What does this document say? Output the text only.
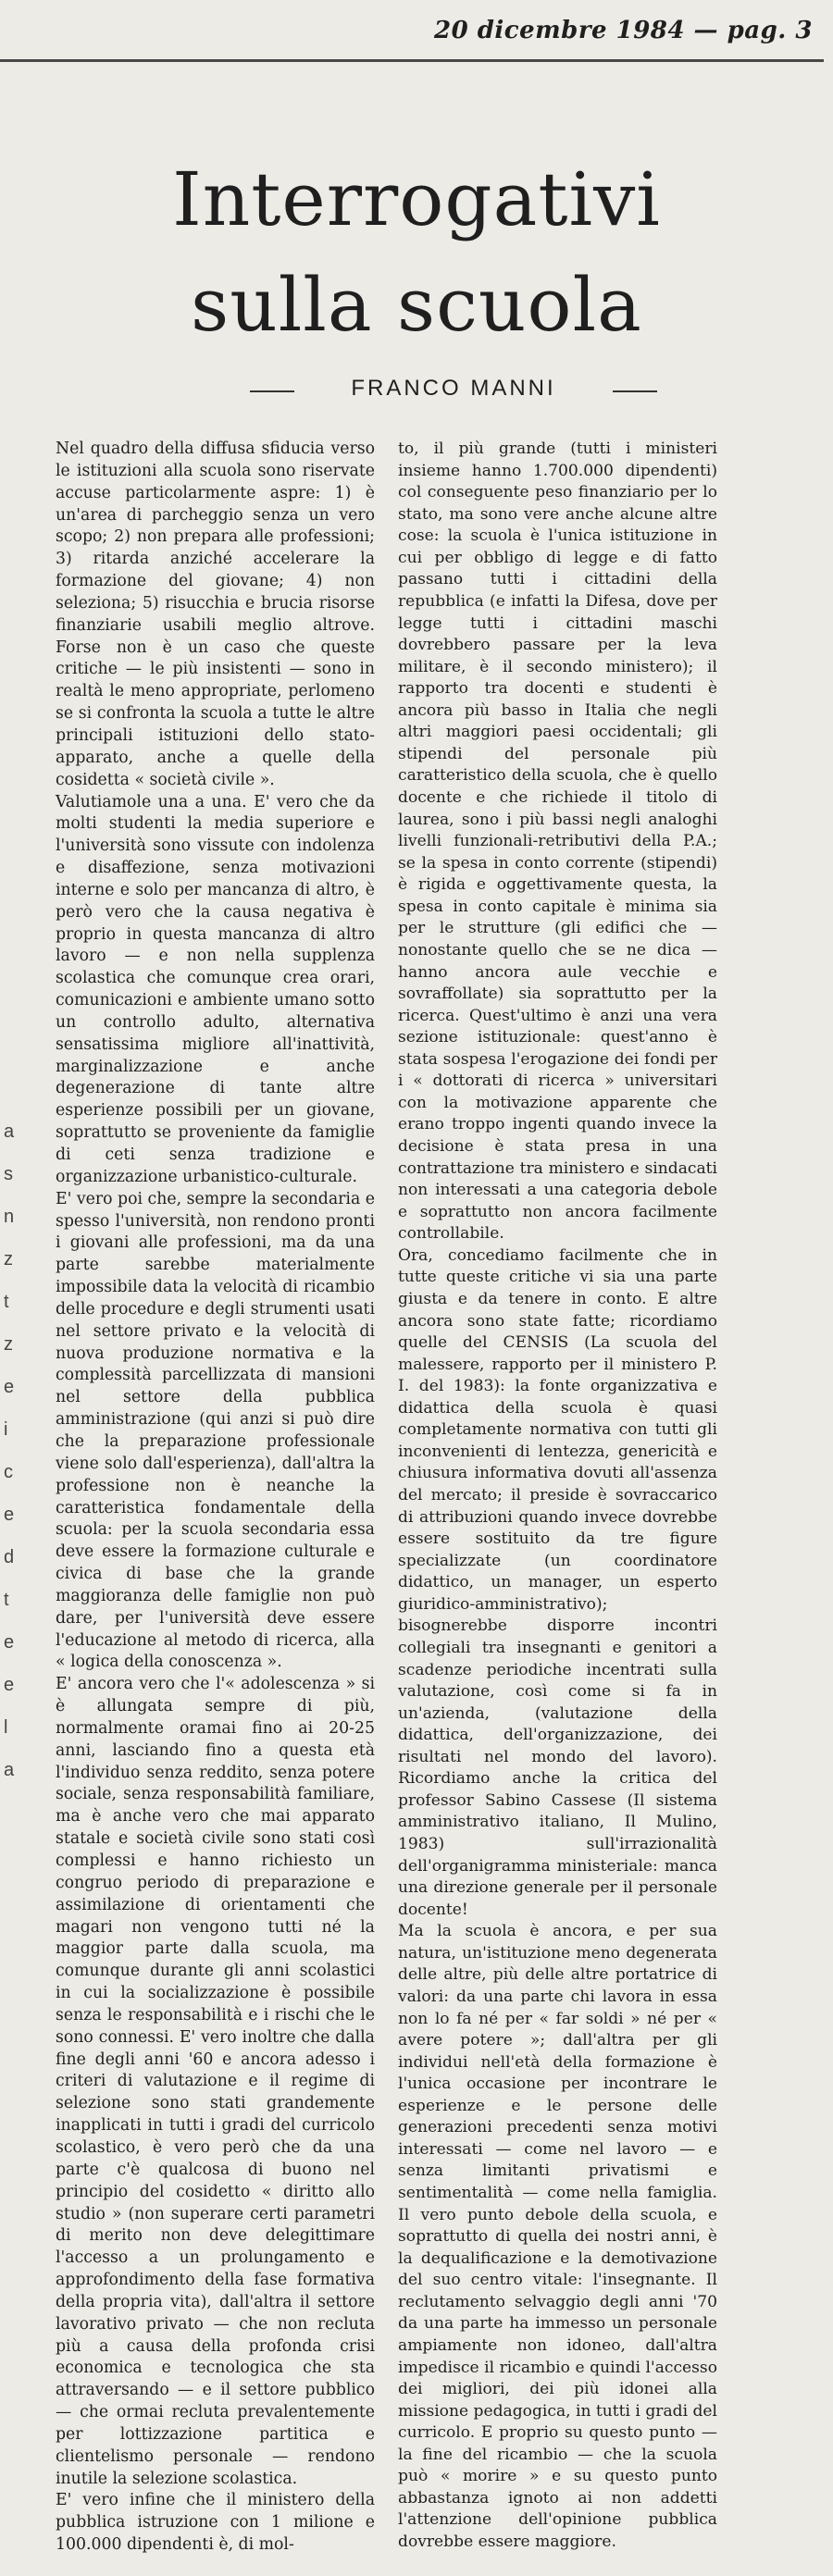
20 dicembre 1984 — pag. 3
Interrogativi
sulla scuola
FRANCO MANNI
a
s
n
z
t
z
e
i
c
e
d
t
e
e
l
a
Nel quadro della diffusa sfiducia verso le istituzioni alla scuola sono riservate accuse particolarmente aspre: 1) è un'area di parcheggio senza un vero scopo; 2) non prepara alle professioni; 3) ritarda anziché accelerare la formazione del giovane; 4) non seleziona; 5) risucchia e brucia risorse finanziarie usabili meglio altrove. Forse non è un caso che queste critiche — le più insistenti — sono in realtà le meno appropriate, perlomeno se si confronta la scuola a tutte le altre principali istituzioni dello stato-apparato, anche a quelle della cosidetta « società civile ».
Valutiamole una a una. E' vero che da molti studenti la media superiore e l'università sono vissute con indolenza e disaffezione, senza motivazioni interne e solo per mancanza di altro, è però vero che la causa negativa è proprio in questa mancanza di altro lavoro — e non nella supplenza scolastica che comunque crea orari, comunicazioni e ambiente umano sotto un controllo adulto, alternativa sensatissima migliore all'inattività, marginalizzazione e anche degenerazione di tante altre esperienze possibili per un giovane, soprattutto se proveniente da famiglie di ceti senza tradizione e organizzazione urbanistico-culturale.
E' vero poi che, sempre la secondaria e spesso l'università, non rendono pronti i giovani alle professioni, ma da una parte sarebbe materialmente impossibile data la velocità di ricambio delle procedure e degli strumenti usati nel settore privato e la velocità di nuova produzione normativa e la complessità parcellizzata di mansioni nel settore della pubblica amministrazione (qui anzi si può dire che la preparazione professionale viene solo dall'esperienza), dall'altra la professione non è neanche la caratteristica fondamentale della scuola: per la scuola secondaria essa deve essere la formazione culturale e civica di base che la grande maggioranza delle famiglie non può dare, per l'università deve essere l'educazione al metodo di ricerca, alla « logica della conoscenza ».
E' ancora vero che l'« adolescenza » si è allungata sempre di più, normalmente oramai fino ai 20-25 anni, lasciando fino a questa età l'individuo senza reddito, senza potere sociale, senza responsabilità familiare, ma è anche vero che mai apparato statale e società civile sono stati così complessi e hanno richiesto un congruo periodo di preparazione e assimilazione di orientamenti che magari non vengono tutti né la maggior parte dalla scuola, ma comunque durante gli anni scolastici in cui la socializzazione è possibile senza le responsabilità e i rischi che le sono connessi. E' vero inoltre che dalla fine degli anni '60 e ancora adesso i criteri di valutazione e il regime di selezione sono stati grandemente inapplicati in tutti i gradi del curricolo scolastico, è vero però che da una parte c'è qualcosa di buono nel principio del cosidetto « diritto allo studio » (non superare certi parametri di merito non deve delegittimare l'accesso a un prolungamento e approfondimento della fase formativa della propria vita), dall'altra il settore lavorativo privato — che non recluta più a causa della profonda crisi economica e tecnologica che sta attraversando — e il settore pubblico — che ormai recluta prevalentemente per lottizzazione partitica e clientelismo personale — rendono inutile la selezione scolastica.
E' vero infine che il ministero della pubblica istruzione con 1 milione e 100.000 dipendenti è, di mol-
to, il più grande (tutti i ministeri insieme hanno 1.700.000 dipendenti) col conseguente peso finanziario per lo stato, ma sono vere anche alcune altre cose: la scuola è l'unica istituzione in cui per obbligo di legge e di fatto passano tutti i cittadini della repubblica (e infatti la Difesa, dove per legge tutti i cittadini maschi dovrebbero passare per la leva militare, è il secondo ministero); il rapporto tra docenti e studenti è ancora più basso in Italia che negli altri maggiori paesi occidentali; gli stipendi del personale più caratteristico della scuola, che è quello docente e che richiede il titolo di laurea, sono i più bassi negli analoghi livelli funzionali-retributivi della P.A.; se la spesa in conto corrente (stipendi) è rigida e oggettivamente questa, la spesa in conto capitale è minima sia per le strutture (gli edifici che — nonostante quello che se ne dica — hanno ancora aule vecchie e sovraffollate) sia soprattutto per la ricerca. Quest'ultimo è anzi una vera sezione istituzionale: quest'anno è stata sospesa l'erogazione dei fondi per i « dottorati di ricerca » universitari con la motivazione apparente che erano troppo ingenti quando invece la decisione è stata presa in una contrattazione tra ministero e sindacati non interessati a una categoria debole e soprattutto non ancora facilmente controllabile.
Ora, concediamo facilmente che in tutte queste critiche vi sia una parte giusta e da tenere in conto. E altre ancora sono state fatte; ricordiamo quelle del CENSIS (La scuola del malessere, rapporto per il ministero P. I. del 1983): la fonte organizzativa e didattica della scuola è quasi completamente normativa con tutti gli inconvenienti di lentezza, genericità e chiusura informativa dovuti all'assenza del mercato; il preside è sovraccarico di attribuzioni quando invece dovrebbe essere sostituito da tre figure specializzate (un coordinatore didattico, un manager, un esperto giuridico-amministrativo); bisognerebbe disporre incontri collegiali tra insegnanti e genitori a scadenze periodiche incentrati sulla valutazione, così come si fa in un'azienda, (valutazione della didattica, dell'organizzazione, dei risultati nel mondo del lavoro). Ricordiamo anche la critica del professor Sabino Cassese (Il sistema amministrativo italiano, Il Mulino, 1983) sull'irrazionalità dell'organigramma ministeriale: manca una direzione generale per il personale docente!
Ma la scuola è ancora, e per sua natura, un'istituzione meno degenerata delle altre, più delle altre portatrice di valori: da una parte chi lavora in essa non lo fa né per « far soldi » né per « avere potere »; dall'altra per gli individui nell'età della formazione è l'unica occasione per incontrare le esperienze e le persone delle generazioni precedenti senza motivi interessati — come nel lavoro — e senza limitanti privatismi e sentimentalità — come nella famiglia. Il vero punto debole della scuola, e soprattutto di quella dei nostri anni, è la dequalificazione e la demotivazione del suo centro vitale: l'insegnante. Il reclutamento selvaggio degli anni '70 da una parte ha immesso un personale ampiamente non idoneo, dall'altra impedisce il ricambio e quindi l'accesso dei migliori, dei più idonei alla missione pedagogica, in tutti i gradi del curricolo. E proprio su questo punto — la fine del ricambio — che la scuola può « morire » e su questo punto abbastanza ignoto ai non addetti l'attenzione dell'opinione pubblica dovrebbe essere maggiore.
